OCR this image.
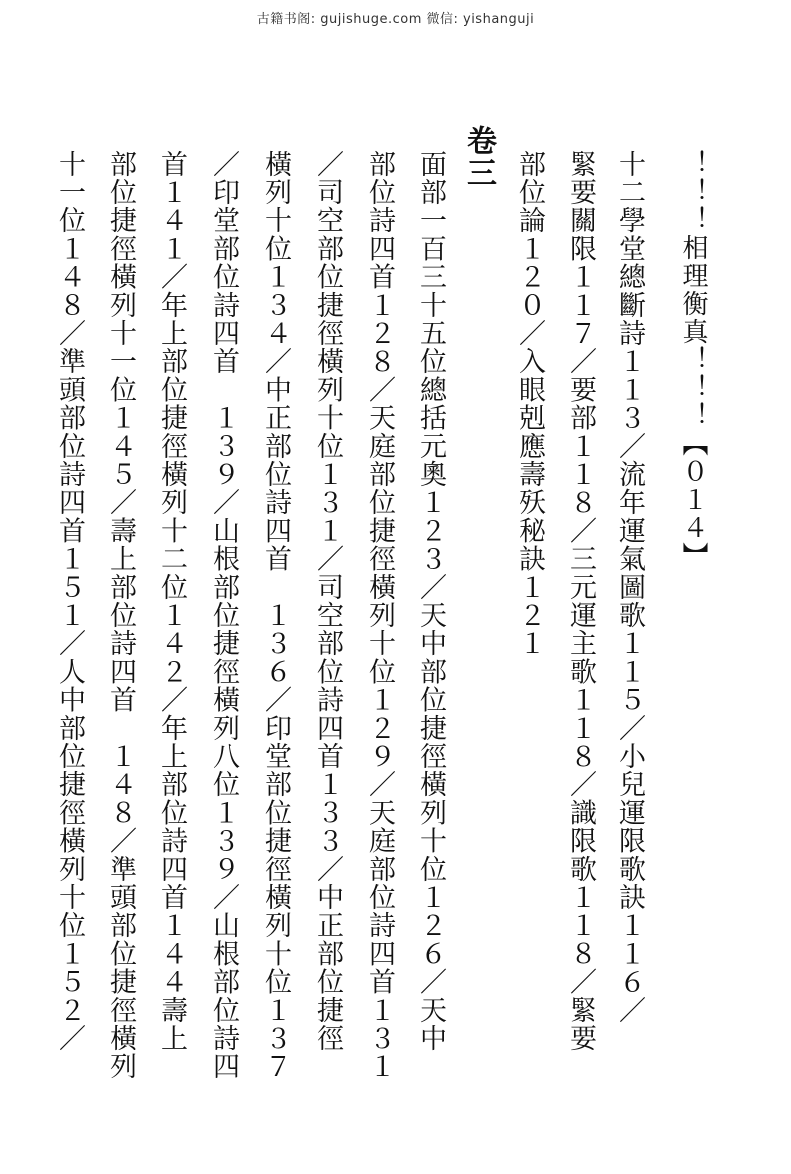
古籍书阁: gujishuge.com 微信: yishanguji
！！！相理衡真！！！【０１４】
十二學堂總斷詩１１３／流年運氣圖歌１１５／小兒運限歌訣１１６／
緊要關限１１７／要部１１８／三元運主歌１１８／識限歌１１８／緊要
部位論１２０／入眼剋應壽殀秘訣１２１
卷三
面部一百三十五位總括元奧１２３／天中部位捷徑橫列十位１２６／天中
部位詩四首１２８／天庭部位捷徑橫列十位１２９／天庭部位詩四首１３１
／司空部位捷徑橫列十位１３１／司空部位詩四首１３３／中正部位捷徑
橫列十位１３４／中正部位詩四首　１３６／印堂部位捷徑橫列十位１３７
／印堂部位詩四首　１３９／山根部位捷徑橫列八位１３９／山根部位詩四
首１４１／年上部位捷徑橫列十二位１４２／年上部位詩四首１４４壽上
部位捷徑橫列十一位１４５／壽上部位詩四首　１４８／準頭部位捷徑橫列
十一位１４８／準頭部位詩四首１５１／人中部位捷徑橫列十位１５２／
